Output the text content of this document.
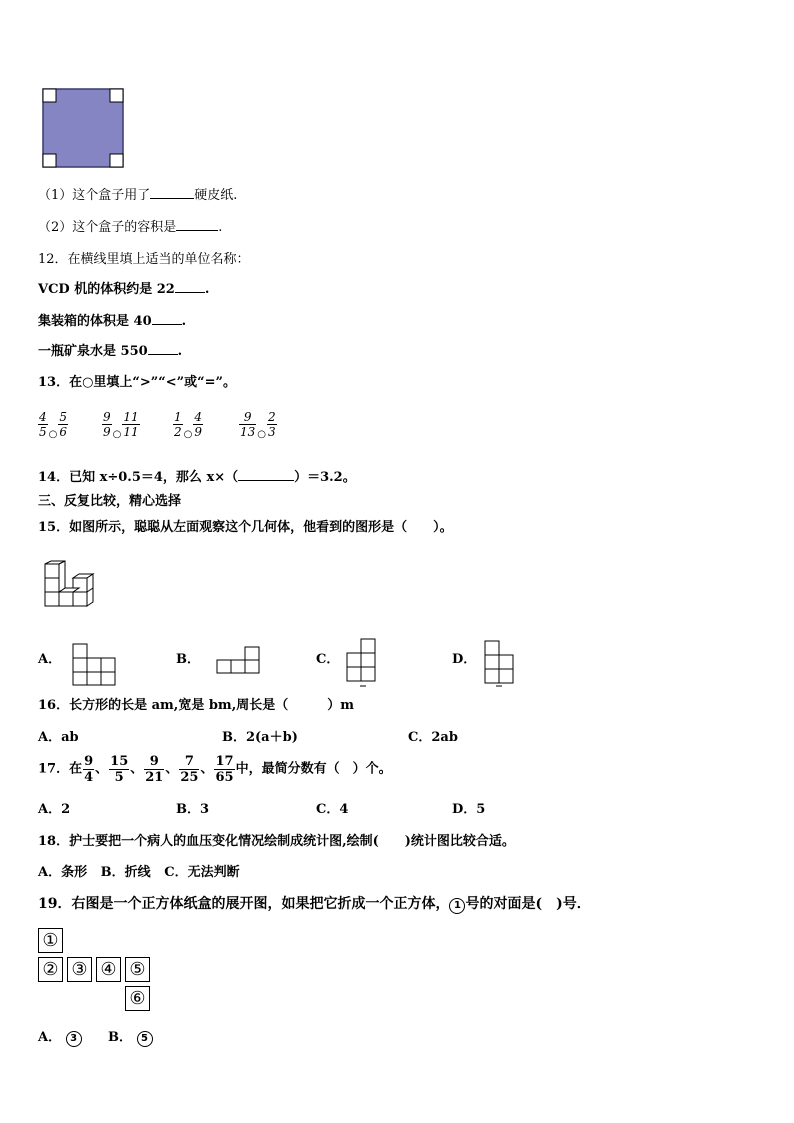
（1）这个盒子用了	硬皮纸.
（2）这个盒子的容积是	.
12．在横线里填上适当的单位名称：
VCD 机的体积约是 22 .
集装箱的体积是 40 .
一瓶矿泉水是 550 .
13．在○里填上“>”“<”或“=”。
$\frac{4}{5}$ ○ $\frac{5}{6}$	$\frac{9}{9}$ ○ $\frac{11}{11}$	$\frac{1}{2}$ ○ $\frac{4}{9}$	$\frac{9}{13}$ ○ $\frac{2}{3}$
14．已知 x÷0.5＝4，那么 x×（	）＝3.2。
三、反复比较，精心选择
15．如图所示，聪聪从左面观察这个几何体，他看到的图形是（　　）。
A．	B．	C．	D．
16．长方形的长是 am,宽是 bm,周长是（　　　）m
A．ab	B．2(a＋b)	C．2ab
17．在 $\frac{9}{4}$ 、 $\frac{15}{5}$ 、 $\frac{9}{21}$ 、 $\frac{7}{25}$ 、 $\frac{17}{65}$ 中，最简分数有（　）个。
A．2	B．3	C．4	D．5
18．护士要把一个病人的血压变化情况绘制成统计图,绘制(　　)统计图比较合适。
A．条形 B．折线 C．无法判断
19．右图是一个正方体纸盒的展开图，如果把它折成一个正方体， 1 号的对面是(　)号．
①
② ③ ④ ⑤
⑥
A． 3	B． 5
